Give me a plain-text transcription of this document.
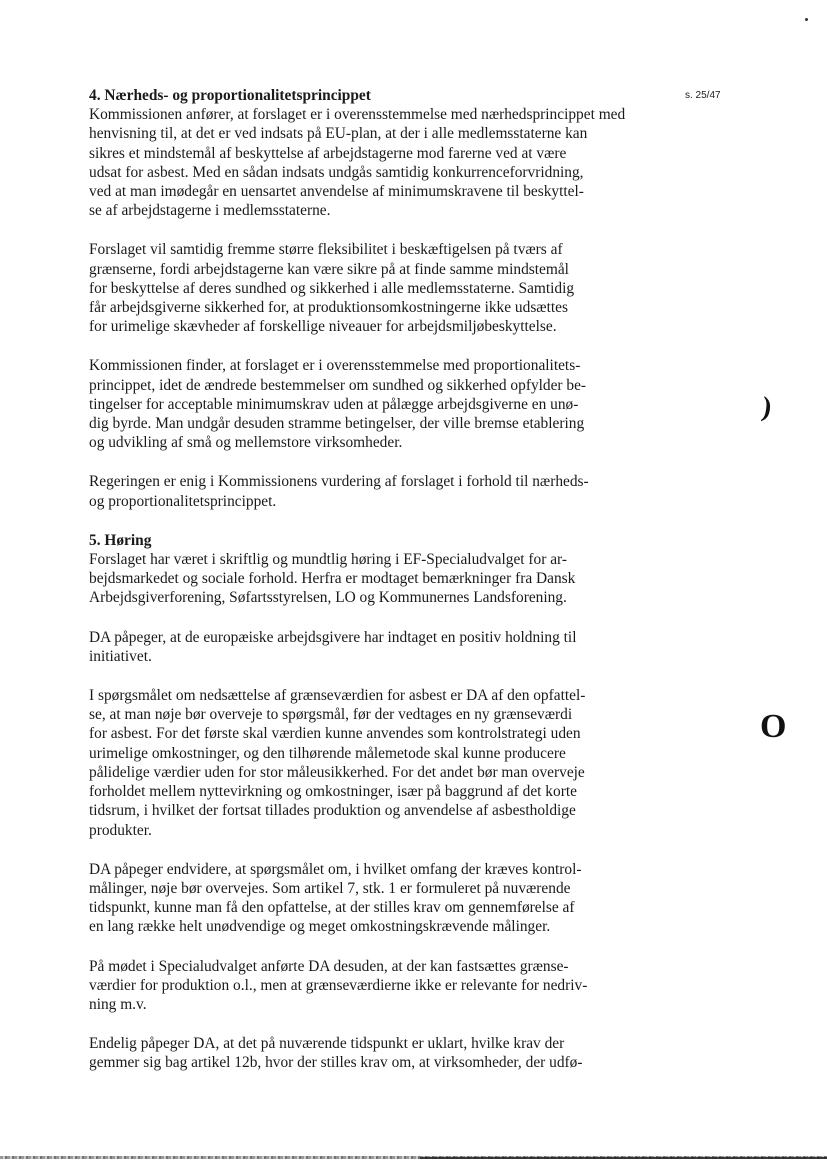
s. 25/47
4. Nærheds- og proportionalitetsprincippet
Kommissionen anfører, at forslaget er i overensstemmelse med nærhedsprincippet med
henvisning til, at det er ved indsats på EU-plan, at der i alle medlemsstaterne kan
sikres et mindstemål af beskyttelse af arbejdstagerne mod farerne ved at være
udsat for asbest. Med en sådan indsats undgås samtidig konkurrenceforvridning,
ved at man imødegår en uensartet anvendelse af minimumskravene til beskyttel-
se af arbejdstagerne i medlemsstaterne.
Forslaget vil samtidig fremme større fleksibilitet i beskæftigelsen på tværs af
grænserne, fordi arbejdstagerne kan være sikre på at finde samme mindstemål
for beskyttelse af deres sundhed og sikkerhed i alle medlemsstaterne. Samtidig
får arbejdsgiverne sikkerhed for, at produktionsomkostningerne ikke udsættes
for urimelige skævheder af forskellige niveauer for arbejdsmiljøbeskyttelse.
Kommissionen finder, at forslaget er i overensstemmelse med proportionalitets-
princippet, idet de ændrede bestemmelser om sundhed og sikkerhed opfylder be-
tingelser for acceptable minimumskrav uden at pålægge arbejdsgiverne en unø-
dig byrde. Man undgår desuden stramme betingelser, der ville bremse etablering
og udvikling af små og mellemstore virksomheder.
Regeringen er enig i Kommissionens vurdering af forslaget i forhold til nærheds-
og proportionalitetsprincippet.
5. Høring
Forslaget har været i skriftlig og mundtlig høring i EF-Specialudvalget for ar-
bejdsmarkedet og sociale forhold. Herfra er modtaget bemærkninger fra Dansk
Arbejdsgiverforening, Søfartsstyrelsen, LO og Kommunernes Landsforening.
DA påpeger, at de europæiske arbejdsgivere har indtaget en positiv holdning til
initiativet.
I spørgsmålet om nedsættelse af grænseværdien for asbest er DA af den opfattel-
se, at man nøje bør overveje to spørgsmål, før der vedtages en ny grænseværdi
for asbest. For det første skal værdien kunne anvendes som kontrolstrategi uden
urimelige omkostninger, og den tilhørende målemetode skal kunne producere
pålidelige værdier uden for stor måleusikkerhed. For det andet bør man overveje
forholdet mellem nyttevirkning og omkostninger, især på baggrund af det korte
tidsrum, i hvilket der fortsat tillades produktion og anvendelse af asbestholdige
produkter.
DA påpeger endvidere, at spørgsmålet om, i hvilket omfang der kræves kontrol-
målinger, nøje bør overvejes. Som artikel 7, stk. 1 er formuleret på nuværende
tidspunkt, kunne man få den opfattelse, at der stilles krav om gennemførelse af
en lang række helt unødvendige og meget omkostningskrævende målinger.
På mødet i Specialudvalget anførte DA desuden, at der kan fastsættes grænse-
værdier for produktion o.l., men at grænseværdierne ikke er relevante for nedriv-
ning m.v.
Endelig påpeger DA, at det på nuværende tidspunkt er uklart, hvilke krav der
gemmer sig bag artikel 12b, hvor der stilles krav om, at virksomheder, der udfø-
)
O
